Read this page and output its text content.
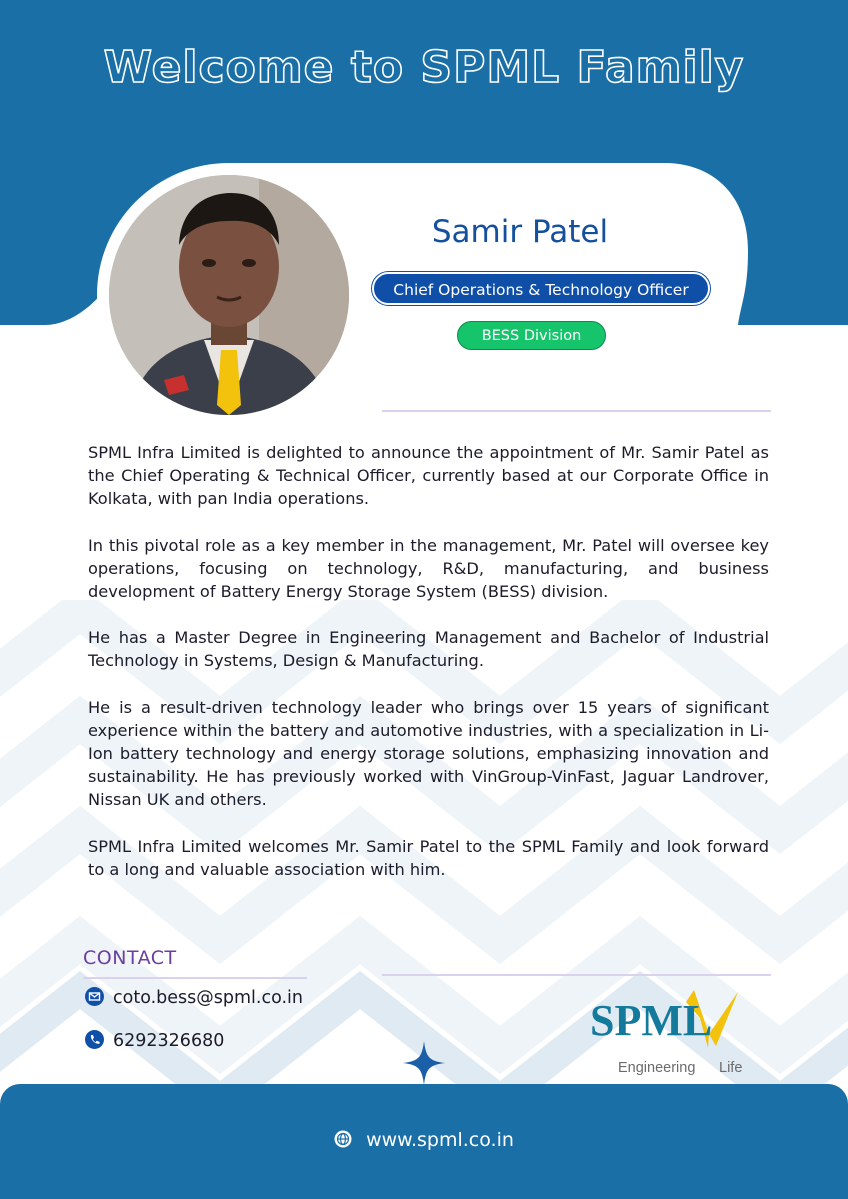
Welcome to SPML Family
Samir Patel
Chief Operations & Technology Officer
BESS Division

SPML Infra Limited is delighted to announce the appointment of Mr. Samir Patel as the Chief Operating & Technical Officer, currently based at our Corporate Office in Kolkata, with pan India operations.

In this pivotal role as a key member in the management, Mr. Patel will oversee key operations, focusing on technology, R&D, manufacturing, and business development of Battery Energy Storage System (BESS) division.

He has a Master Degree in Engineering Management and Bachelor of Industrial Technology in Systems, Design & Manufacturing.

He is a result-driven technology leader who brings over 15 years of significant experience within the battery and automotive industries, with a specialization in Li-Ion battery technology and energy storage solutions, emphasizing innovation and sustainability. He has previously worked with VinGroup-VinFast, Jaguar Landrover, Nissan UK and others.

SPML Infra Limited welcomes Mr. Samir Patel to the SPML Family and look forward to a long and valuable association with him.

CONTACT
coto.bess@spml.co.in
6292326680	SPML
Engineering Life
www.spml.co.in
